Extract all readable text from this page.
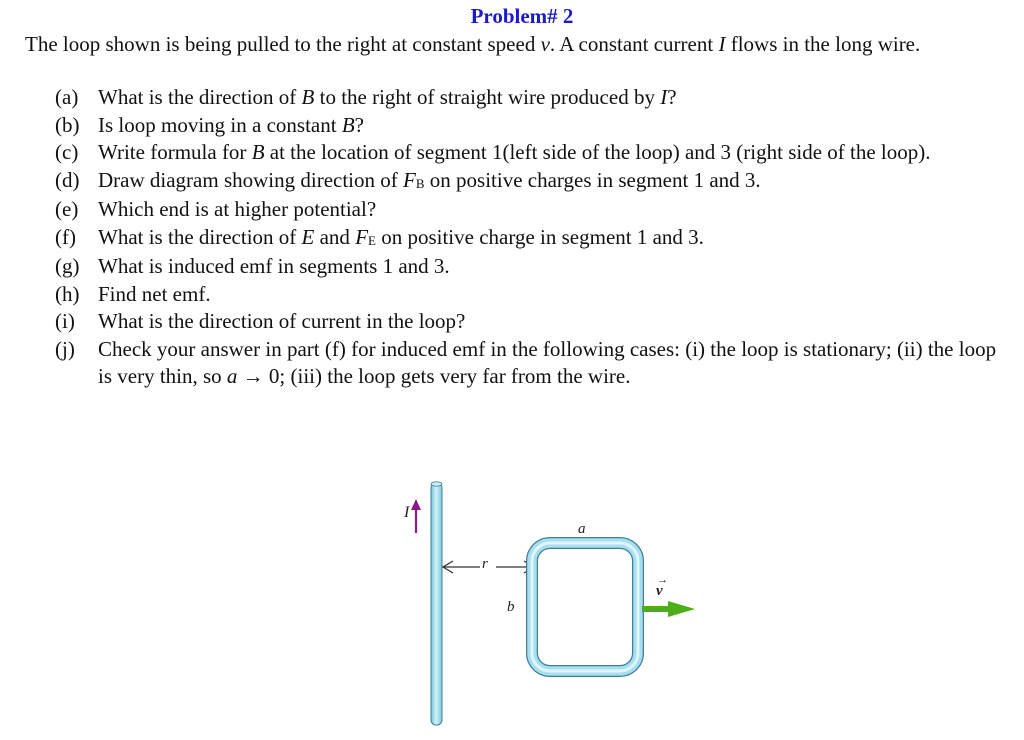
Problem# 2
The loop shown is being pulled to the right at constant speed v. A constant current I flows in the long wire.
(a) What is the direction of B to the right of straight wire produced by I?
(b) Is loop moving in a constant B?
(c) Write formula for B at the location of segment 1(left side of the loop) and 3 (right side of the loop).
(d) Draw diagram showing direction of $F_B$ on positive charges in segment 1 and 3.
(e) Which end is at higher potential?
(f)	What is the direction of E and $F_E$ on positive charge in segment 1 and 3.
(g) What is induced emf in segments 1 and 3.
(h) Find net emf.
(i)	What is the direction of current in the loop?
(j)	Check your answer in part (f) for induced emf in the following cases: (i) the loop is stationary; (ii) the loop is very thin, so a → 0; (iii) the loop gets very far from the wire.
I
r
a
b
→
v
